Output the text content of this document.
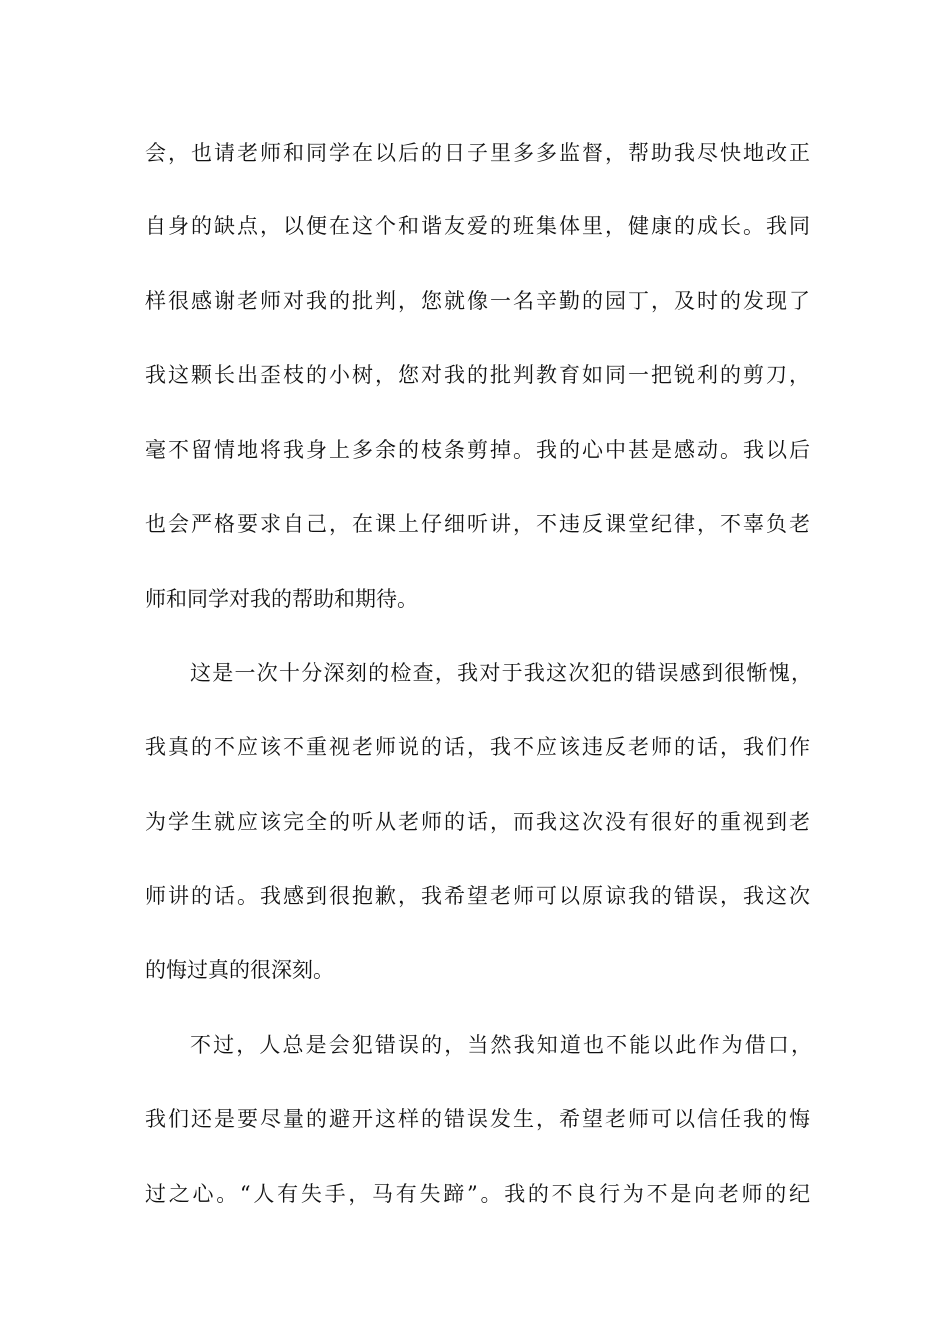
会，也请老师和同学在以后的日子里多多监督，帮助我尽快地改正
自身的缺点，以便在这个和谐友爱的班集体里，健康的成长。我同
样很感谢老师对我的批判，您就像一名辛勤的园丁，及时的发现了
我这颗长出歪枝的小树，您对我的批判教育如同一把锐利的剪刀，
毫不留情地将我身上多余的枝条剪掉。我的心中甚是感动。我以后
也会严格要求自己，在课上仔细听讲，不违反课堂纪律，不辜负老
师和同学对我的帮助和期待。
这是一次十分深刻的检查，我对于我这次犯的错误感到很惭愧，
我真的不应该不重视老师说的话，我不应该违反老师的话，我们作
为学生就应该完全的听从老师的话，而我这次没有很好的重视到老
师讲的话。我感到很抱歉，我希望老师可以原谅我的错误，我这次
的悔过真的很深刻。
不过，人总是会犯错误的，当然我知道也不能以此作为借口，
我们还是要尽量的避开这样的错误发生，希望老师可以信任我的悔
过之心。“人有失手，马有失蹄”。我的不良行为不是向老师的纪
